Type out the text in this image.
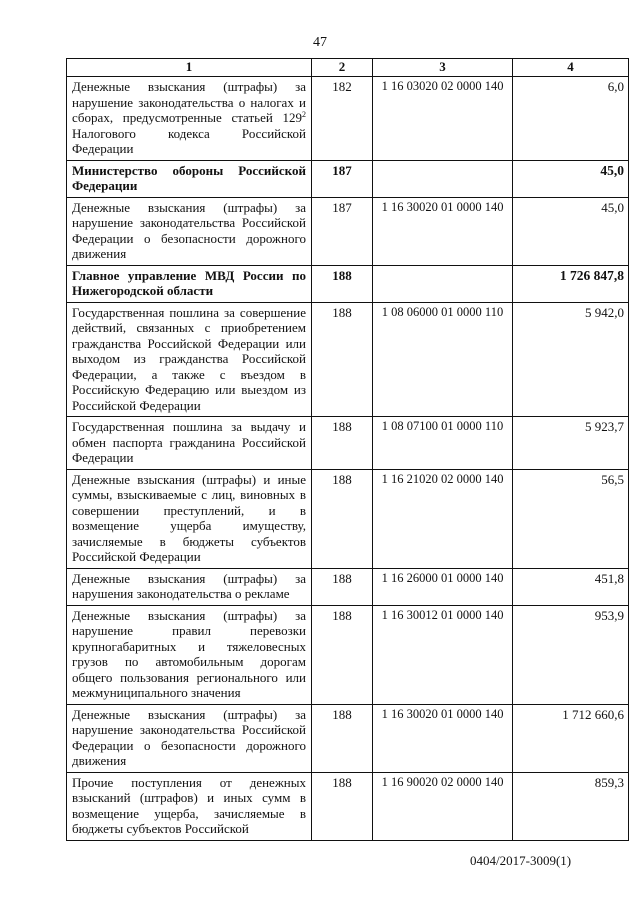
47
1	2	3	4
Денежные взыскания (штрафы) за нарушение законодательства о налогах и сборах, предусмотренные статьей $129^2$ Налогового кодекса Российской Федерации	182	1 16 03020 02 0000 140	6,0
Министерство обороны Российской Федерации	187		45,0
Денежные взыскания (штрафы) за нарушение законодательства Российской Федерации о безопасности дорожного движения	187	1 16 30020 01 0000 140	45,0
Главное управление МВД России по Нижегородской области	188		1 726 847,8
Государственная пошлина за совершение действий, связанных с приобретением гражданства Российской Федерации или выходом из гражданства Российской Федерации, а также с въездом в Российскую Федерацию или выездом из Российской Федерации	188	1 08 06000 01 0000 110	5 942,0
Государственная пошлина за выдачу и обмен паспорта гражданина Российской Федерации	188	1 08 07100 01 0000 110	5 923,7
Денежные взыскания (штрафы) и иные суммы, взыскиваемые с лиц, виновных в совершении преступлений, и в возмещение ущерба имуществу, зачисляемые в бюджеты субъектов Российской Федерации	188	1 16 21020 02 0000 140	56,5
Денежные взыскания (штрафы) за нарушения законодательства о рекламе	188	1 16 26000 01 0000 140	451,8
Денежные взыскания (штрафы) за нарушение правил перевозки крупногабаритных и тяжеловесных грузов по автомобильным дорогам общего пользования регионального или межмуниципального значения	188	1 16 30012 01 0000 140	953,9
Денежные взыскания (штрафы) за нарушение законодательства Российской Федерации о безопасности дорожного движения	188	1 16 30020 01 0000 140	1 712 660,6
Прочие поступления от денежных взысканий (штрафов) и иных сумм в возмещение ущерба, зачисляемые в бюджеты субъектов Российской	188	1 16 90020 02 0000 140	859,3
0404/2017-3009(1)
